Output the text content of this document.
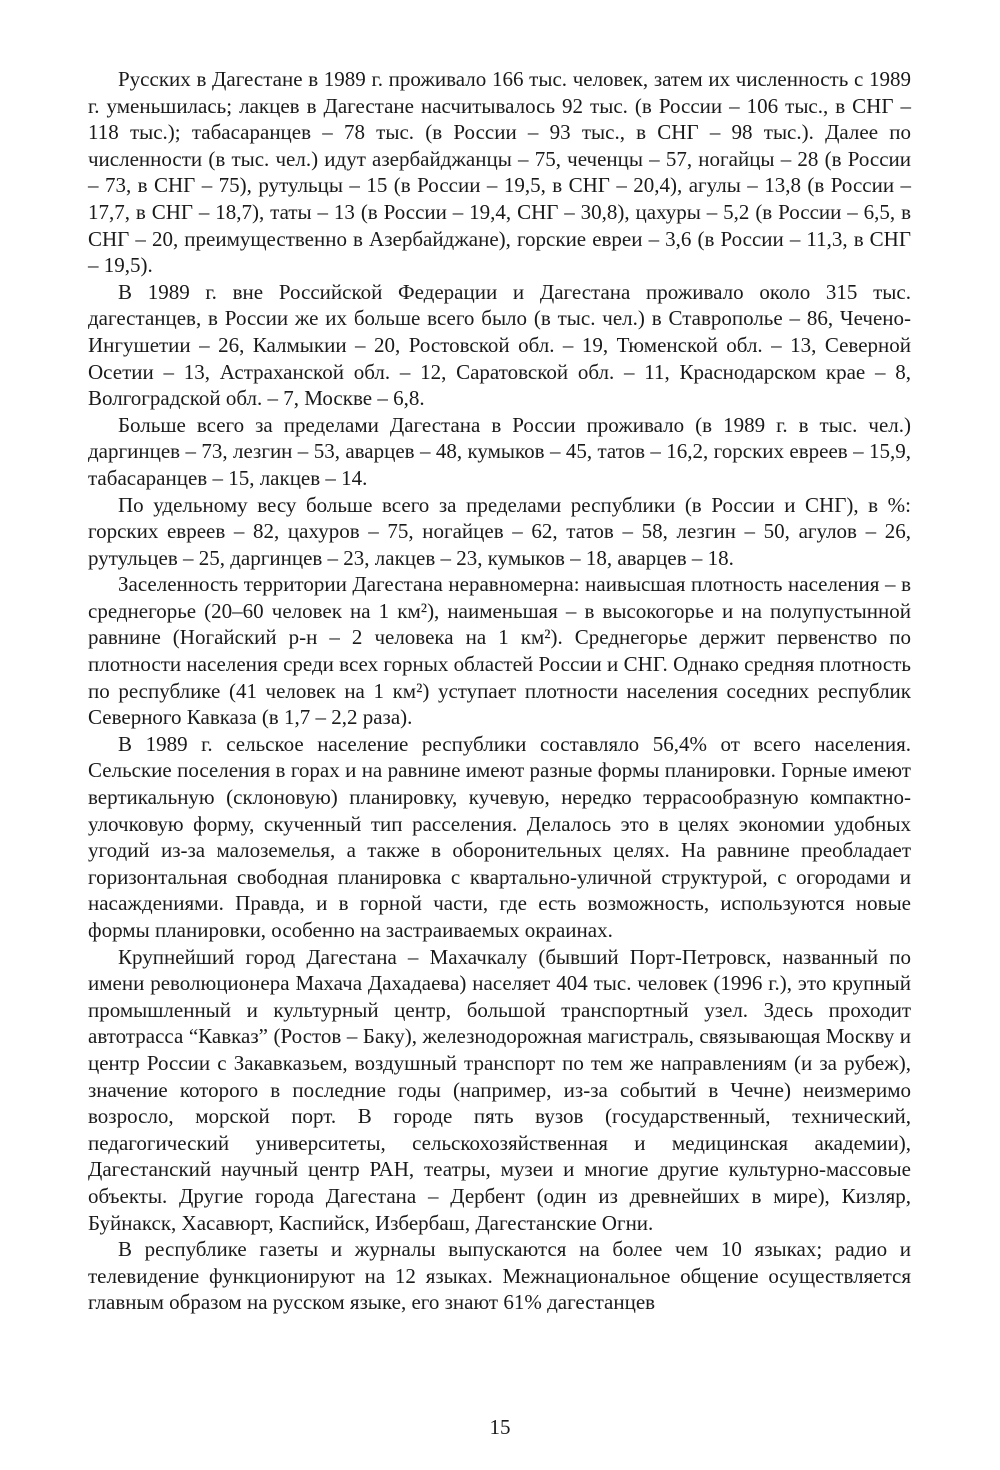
Русских в Дагестане в 1989 г. проживало 166 тыс. человек, затем их численность с 1989 г. уменьшилась; лакцев в Дагестане насчитывалось 92 тыс. (в России – 106 тыс., в СНГ – 118 тыс.); табасаранцев – 78 тыс. (в России – 93 тыс., в СНГ – 98 тыс.). Далее по численности (в тыс. чел.) идут азербайджанцы – 75, чеченцы – 57, ногайцы – 28 (в России – 73, в СНГ – 75), рутульцы – 15 (в России – 19,5, в СНГ – 20,4), агулы – 13,8 (в России – 17,7, в СНГ – 18,7), таты – 13 (в России – 19,4, СНГ – 30,8), цахуры – 5,2 (в России – 6,5, в СНГ – 20, преимущественно в Азербайджане), горские евреи – 3,6 (в России – 11,3, в СНГ – 19,5).

В 1989 г. вне Российской Федерации и Дагестана проживало около 315 тыс. дагестанцев, в России же их больше всего было (в тыс. чел.) в Ставрополье – 86, Чечено-Ингушетии – 26, Калмыкии – 20, Ростовской обл. – 19, Тюменской обл. – 13, Северной Осетии – 13, Астраханской обл. – 12, Саратовской обл. – 11, Краснодарском крае – 8, Волгоградской обл. – 7, Москве – 6,8.

Больше всего за пределами Дагестана в России проживало (в 1989 г. в тыс. чел.) даргинцев – 73, лезгин – 53, аварцев – 48, кумыков – 45, татов – 16,2, горских евреев – 15,9, табасаранцев – 15, лакцев – 14.

По удельному весу больше всего за пределами республики (в России и СНГ), в %: горских евреев – 82, цахуров – 75, ногайцев – 62, татов – 58, лезгин – 50, агулов – 26, рутульцев – 25, даргинцев – 23, лакцев – 23, кумыков – 18, аварцев – 18.

Заселенность территории Дагестана неравномерна: наивысшая плотность населения – в среднегорье (20–60 человек на 1 км²), наименьшая – в высокогорье и на полупустынной равнине (Ногайский р-н – 2 человека на 1 км²). Среднегорье держит первенство по плотности населения среди всех горных областей России и СНГ. Однако средняя плотность по республике (41 человек на 1 км²) уступает плотности населения соседних республик Северного Кавказа (в 1,7 – 2,2 раза).

В 1989 г. сельское население республики составляло 56,4% от всего населения. Сельские поселения в горах и на равнине имеют разные формы планировки. Горные имеют вертикальную (склоновую) планировку, кучевую, нередко террасообразную компактно-улочковую форму, скученный тип расселения. Делалось это в целях экономии удобных угодий из-за малоземелья, а также в оборонительных целях. На равнине преобладает горизонтальная свободная планировка с квартально-уличной структурой, с огородами и насаждениями. Правда, и в горной части, где есть возможность, используются новые формы планировки, особенно на застраиваемых окраинах.

Крупнейший город Дагестана – Махачкалу (бывший Порт-Петровск, названный по имени революционера Махача Дахадаева) населяет 404 тыс. человек (1996 г.), это крупный промышленный и культурный центр, большой транспортный узел. Здесь проходит автотрасса “Кавказ” (Ростов – Баку), железнодорожная магистраль, связывающая Москву и центр России с Закавказьем, воздушный транспорт по тем же направлениям (и за рубеж), значение которого в последние годы (например, из-за событий в Чечне) неизмеримо возросло, морской порт. В городе пять вузов (государственный, технический, педагогический университеты, сельскохозяйственная и медицинская академии), Дагестанский научный центр РАН, театры, музеи и многие другие культурно-массовые объекты. Другие города Дагестана – Дербент (один из древнейших в мире), Кизляр, Буйнакск, Хасавюрт, Каспийск, Избербаш, Дагестанские Огни.

В республике газеты и журналы выпускаются на более чем 10 языках; радио и телевидение функционируют на 12 языках. Межнациональное общение осуществляется главным образом на русском языке, его знают 61% дагестанцев

15
